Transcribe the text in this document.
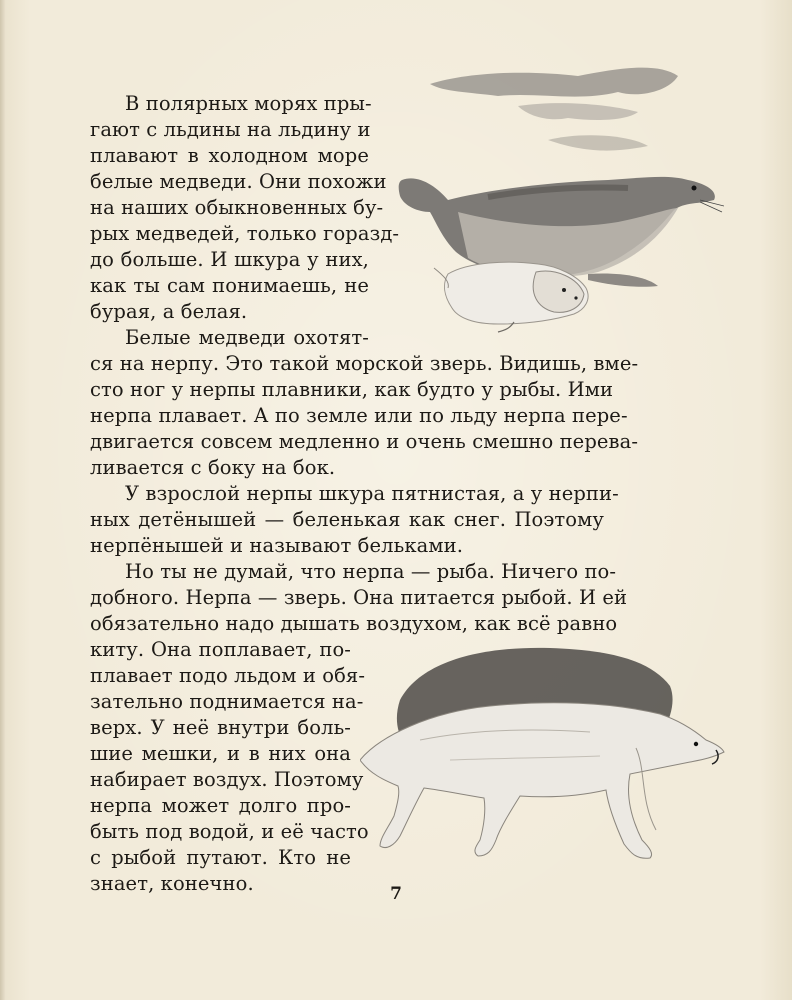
В полярных морях пры-
гают с льдины на льдину и
плавают в холодном море
белые медведи. Они похожи
на наших обыкновенных бу-
рых медведей, только горазд-
до больше. И шкура у них,
как ты сам понимаешь, не
бурая, а белая.
Белые медведи охотят-
ся на нерпу. Это такой морской зверь. Видишь, вме-
сто ног у нерпы плавники, как будто у рыбы. Ими
нерпа плавает. А по земле или по льду нерпа пере-
двигается совсем медленно и очень смешно перева-
ливается с боку на бок.
У взрослой нерпы шкура пятнистая, а у нерпи-
ных детёнышей — беленькая как снег. Поэтому
нерпёнышей и называют бельками.
Но ты не думай, что нерпа — рыба. Ничего по-
добного. Нерпа — зверь. Она питается рыбой. И ей
обязательно надо дышать воздухом, как всё равно
киту. Она поплавает, по-
плавает подо льдом и обя-
зательно поднимается на-
верх. У неё внутри боль-
шие мешки, и в них она
набирает воздух. Поэтому
нерпа может долго про-
быть под водой, и её часто
с рыбой путают. Кто не
знает, конечно.	7
